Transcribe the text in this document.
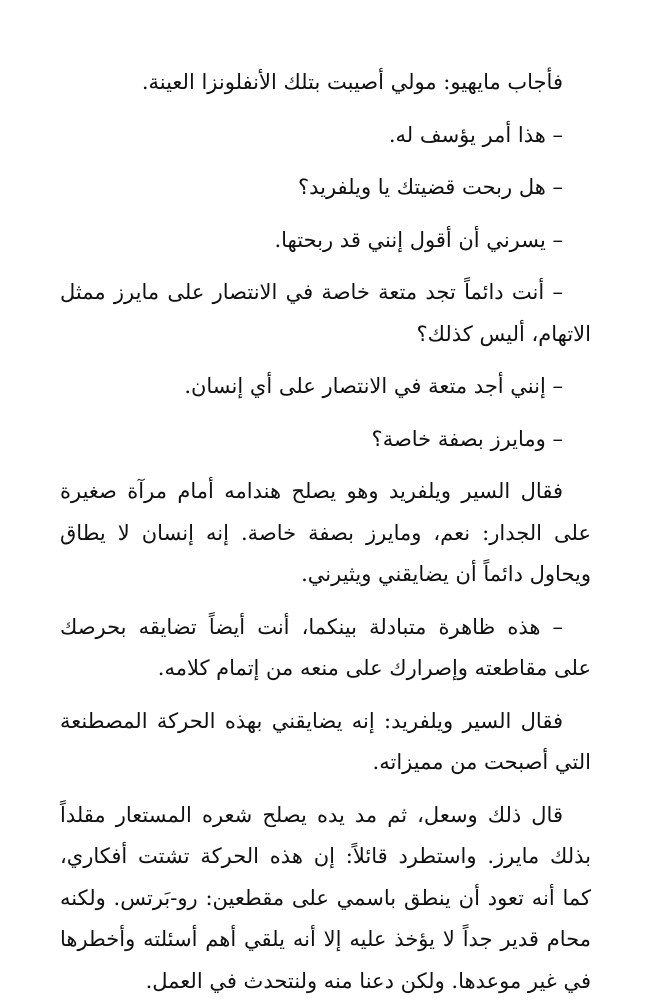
فأجاب مايهيو: مولي أصيبت بتلك الأنفلونزا العينة.

– هذا أمر يؤسف له.

– هل ربحت قضيتك يا ويلفريد؟

– يسرني أن أقول إنني قد ربحتها.

– أنت دائماً تجد متعة خاصة في الانتصار على مايرز ممثل الاتهام، أليس كذلك؟

– إنني أجد متعة في الانتصار على أي إنسان.

– ومايرز بصفة خاصة؟

فقال السير ويلفريد وهو يصلح هندامه أمام مرآة صغيرة على الجدار: نعم، ومايرز بصفة خاصة. إنه إنسان لا يطاق ويحاول دائماً أن يضايقني ويثيرني.

– هذه ظاهرة متبادلة بينكما، أنت أيضاً تضايقه بحرصك على مقاطعته وإصرارك على منعه من إتمام كلامه.

فقال السير ويلفريد: إنه يضايقني بهذه الحركة المصطنعة التي أصبحت من مميزاته.

قال ذلك وسعل، ثم مد يده يصلح شعره المستعار مقلداً بذلك مايرز. واستطرد قائلاً: إن هذه الحركة تشتت أفكاري، كما أنه تعود أن ينطق باسمي على مقطعين: رو-بَرتس. ولكنه محام قدير جداً لا يؤخذ عليه إلا أنه يلقي أهم أسئلته وأخطرها في غير موعدها. ولكن دعنا منه ولنتحدث في العمل.
